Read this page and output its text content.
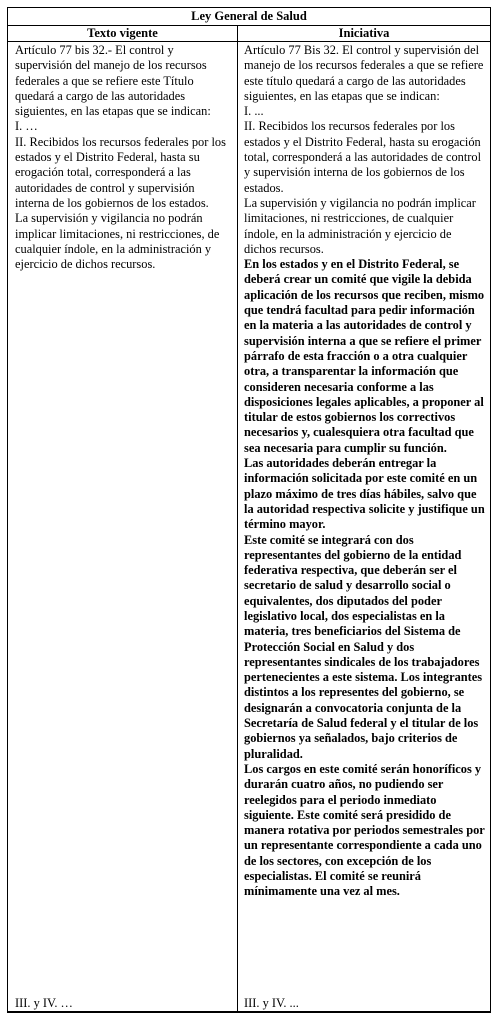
Ley General de Salud
Texto vigente

Artículo 77 bis 32.- El control y supervisión del manejo de los recursos federales a que se refiere este Título quedará a cargo de las autoridades siguientes, en las etapas que se indican:

I. …

II. Recibidos los recursos federales por los estados y el Distrito Federal, hasta su erogación total, corresponderá a las autoridades de control y supervisión interna de los gobiernos de los estados.

La supervisión y vigilancia no podrán implicar limitaciones, ni restricciones, de cualquier índole, en la administración y ejercicio de dichos recursos.

III. y IV. …
Iniciativa

Artículo 77 Bis 32. El control y supervisión del manejo de los recursos federales a que se refiere este título quedará a cargo de las autoridades siguientes, en las etapas que se indican:

I. ...

II. Recibidos los recursos federales por los estados y el Distrito Federal, hasta su erogación total, corresponderá a las autoridades de control y supervisión interna de los gobiernos de los estados.

La supervisión y vigilancia no podrán implicar limitaciones, ni restricciones, de cualquier índole, en la administración y ejercicio de dichos recursos.

En los estados y en el Distrito Federal, se deberá crear un comité que vigile la debida aplicación de los recursos que reciben, mismo que tendrá facultad para pedir información en la materia a las autoridades de control y supervisión interna a que se refiere el primer párrafo de esta fracción o a otra cualquier otra, a transparentar la información que consideren necesaria conforme a las disposiciones legales aplicables, a proponer al titular de estos gobiernos los correctivos necesarios y, cualesquiera otra facultad que sea necesaria para cumplir su función.

Las autoridades deberán entregar la información solicitada por este comité en un plazo máximo de tres días hábiles, salvo que la autoridad respectiva solicite y justifique un término mayor.

Este comité se integrará con dos representantes del gobierno de la entidad federativa respectiva, que deberán ser el secretario de salud y desarrollo social o equivalentes, dos diputados del poder legislativo local, dos especialistas en la materia, tres beneficiarios del Sistema de Protección Social en Salud y dos representantes sindicales de los trabajadores pertenecientes a este sistema. Los integrantes distintos a los representes del gobierno, se designarán a convocatoria conjunta de la Secretaría de Salud federal y el titular de los gobiernos ya señalados, bajo criterios de pluralidad.

Los cargos en este comité serán honoríficos y durarán cuatro años, no pudiendo ser reelegidos para el periodo inmediato siguiente. Este comité será presidido de manera rotativa por periodos semestrales por un representante correspondiente a cada uno de los sectores, con excepción de los especialistas. El comité se reunirá mínimamente una vez al mes.

III. y IV. ...
